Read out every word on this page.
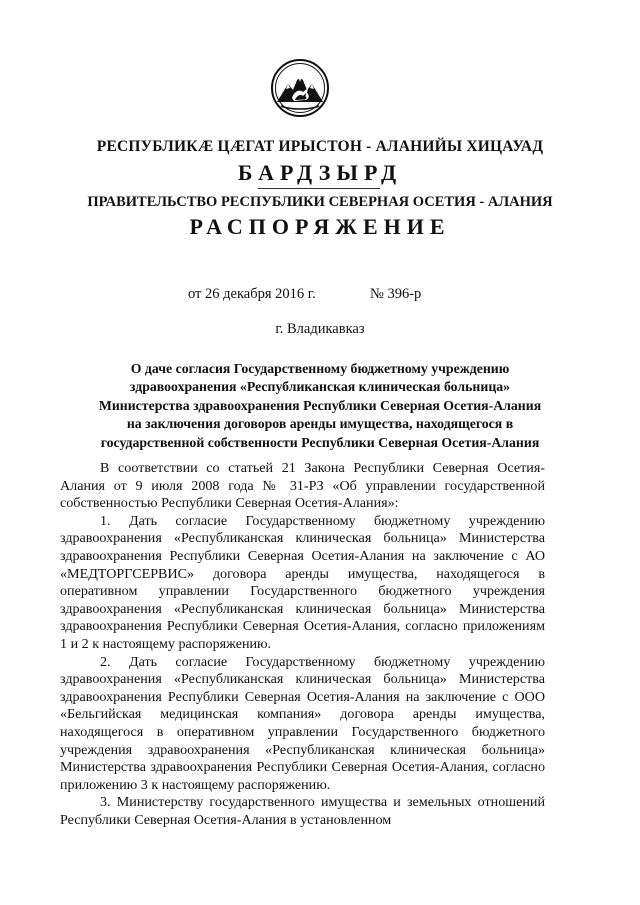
РЕСПУБЛИКӔ ЦӔГАТ ИРЫСТОН - АЛАНИЙЫ ХИЦАУАД
БАРДЗЫРД
ПРАВИТЕЛЬСТВО РЕСПУБЛИКИ СЕВЕРНАЯ ОСЕТИЯ - АЛАНИЯ
РАСПОРЯЖЕНИЕ
от 26 декабря 2016 г.	№ 396-р
г. Владикавказ
О даче согласия Государственному бюджетному учреждению
здравоохранения «Республиканская клиническая больница»
Министерства здравоохранения Республики Северная Осетия-Алания
на заключения договоров аренды имущества, находящегося в
государственной собственности Республики Северная Осетия-Алания

В соответствии со статьей 21 Закона Республики Северная Осетия-Алания от 9 июля 2008 года № 31-РЗ «Об управлении государственной собственностью Республики Северная Осетия-Алания»:

1. Дать согласие Государственному бюджетному учреждению здравоохранения «Республиканская клиническая больница» Министерства здравоохранения Республики Северная Осетия-Алания на заключение с АО «МЕДТОРГСЕРВИС» договора аренды имущества, находящегося в оперативном управлении Государственного бюджетного учреждения здравоохранения «Республиканская клиническая больница» Министерства здравоохранения Республики Северная Осетия-Алания, согласно приложениям 1 и 2 к настоящему распоряжению.

2. Дать согласие Государственному бюджетному учреждению здравоохранения «Республиканская клиническая больница» Министерства здравоохранения Республики Северная Осетия-Алания на заключение с ООО «Бельгийская медицинская компания» договора аренды имущества, находящегося в оперативном управлении Государственного бюджетного учреждения здравоохранения «Республиканская клиническая больница» Министерства здравоохранения Республики Северная Осетия-Алания, согласно приложению 3 к настоящему распоряжению.

3. Министерству государственного имущества и земельных отношений Республики Северная Осетия-Алания в установленном
